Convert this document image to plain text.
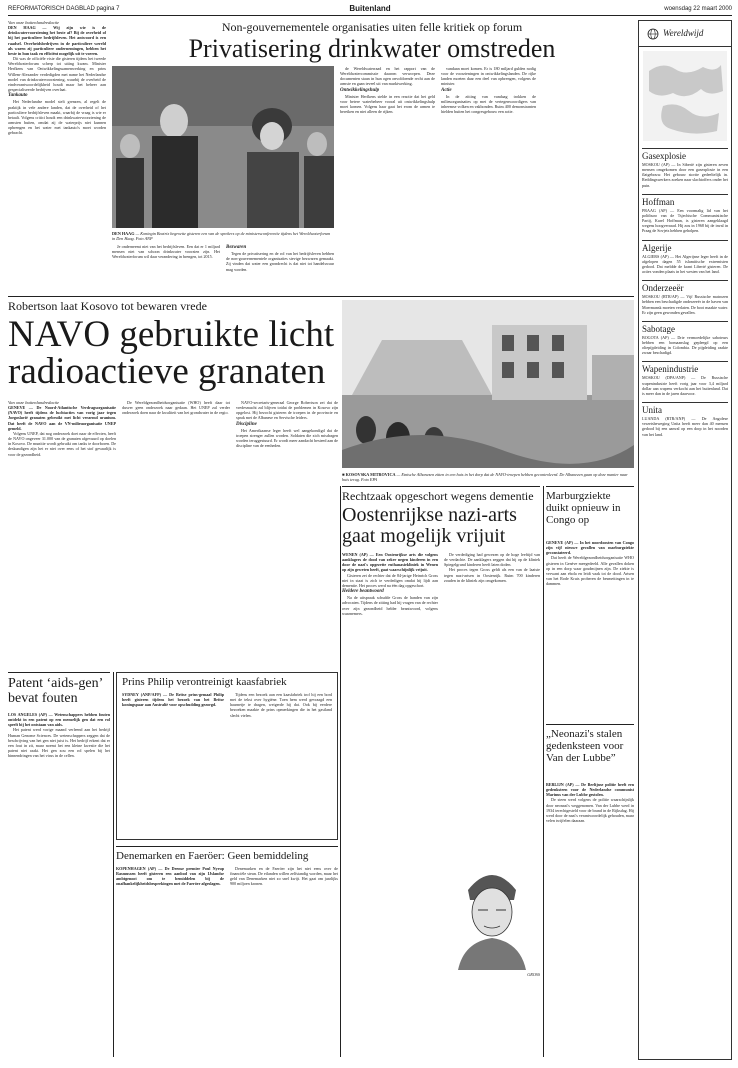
REFORMATORISCH DAGBLAD pagina 7	Buitenland	woensdag 22 maart 2000
Van onze buitenlandredactie

DEN HAAG — Wij zijn wie is de drinkwatervoorziening het beste af? Bij de overheid of bij het particuliere bedrijfsleven. Het antwoord is een raadsel. Overheidsbedrijven in de particuliere wereld als waren zij particuliere ondernemingen, hebben het beste in hun taak en efficiënt mogelijk uit te voeren.

Dit was de officiële visie die gisteren tijdens het tweede Wereldwaterforum scherp tot uiting kwam. Minister Herfkens van Ontwikkelingssamenwerking en prins Willem-Alexander verdedigden met name het Nederlandse model van drinkwatervoorziening, waarbij de overheid de eindverantwoordelijkheid houdt maar het beheer aan gespecialiseerde bedrijven overlaat.

Tankauto

Het Nederlandse model stelt grenzen, al regelt de praktijk in vele andere landen, dat de overheid of het particuliere bedrijfsleven maakt, waarbij de vraag is wie er betaalt. Volgens critici houdt een drinkwatervoorziening de armsten buiten, omdat zij de waterprijs niet kunnen opbrengen en het water met tankauto's moet worden gebracht.

Non-gouvernementele organisaties uiten felle kritiek op forum
Privatisering drinkwater omstreden
DEN HAAG — Koningin Beatrix begroette gisteren een van de sprekers op de ministersconferentie tijdens het Wereldwaterforum in Den Haag. Foto ANP

Je onderneemt niet van het bedrijfsleven. Een dat er 1 miljard mensen niet van schoon drinkwater voorzien zijn. Het Wereldwaterforum wil daar verandering in brengen, tot 2015.

Bezwaren

Tegen de privatisering en de rol van het bedrijfsleven hebben de non-gouvernementele organisaties stevige bezwaren gemaakt. Zij vinden dat water een grondrecht is dat niet tot handelswaar mag worden.

de Wereldwaterraad en het rapport van de Wereldwatercommissie daarom verworpen. Deze documenten staan in hun ogen onvoldoende recht aan de armste en gaan teveel uit van marktwerking.

Ontwikkelingshulp

Minister Herfkens stelde in een reactie dat het geld voor betere waterbeheer vooral uit ontwikkelingshulp moet komen. Volgens haar gaat het erom de armen te bereiken en niet alleen de rijken.

vandaan moet komen. Er is 180 miljard gulden nodig voor de voorzieningen in ontwikkelingslanden. De rijke landen moeten daar een deel van opbrengen, volgens de minister.

Actie

In de zitting van vandaag trokken de milieuorganisaties op met de vertegenwoordigers van inheemse volken en vakbonden. Ruim 400 demonstranten hielden buiten het congresgebouw een actie.

Wereldwijd
Gasexplosie
MOSKOU (AP) — In Siberië zijn gisteren zeven mensen omgekomen door een gasexplosie in een flatgebouw. Het gebouw stortte gedeeltelijk in. Reddingswerkers zoeken naar slachtoffers onder het puin.
Hoffman
PRAAG (AP) — Een voormalig lid van het politburo van de Tsjechische Communistische Partij, Karel Hoffman, is gisteren aangeklaagd wegens hoogverraad. Hij zou in 1968 bij de inval in Praag de Sovjets hebben geholpen.
Algerije
ALGIERS (AP) — Het Algerijnse leger heeft in de afgelopen dagen 55 islamitische extremisten gedood. Dat meldde de krant Liberté gisteren. De acties vonden plaats in het westen van het land.
Onderzeeër
MOSKOU (RTR/AP) — Vijf Russische matrozen hebben een beschadigde onderzeeër in de haven van Moermansk moeten verlaten. De boot maakte water. Er zijn geen gewonden gevallen.
Sabotage
BOGOTA (AP) — Drie vermoedelijke saboteurs hebben een bomaanslag gepleegd op een oliepijpleiding in Colombia. De pijpleiding raakte zwaar beschadigd.
Wapenindustrie
MOSKOU (DPA/ANP) — De Russische wapenindustrie heeft vorig jaar voor 3,4 miljard dollar aan wapens verkocht aan het buitenland. Dat is meer dan in de jaren daarvoor.
Unita
LUANDA (RTR/ANP) — De Angolese verzetsbeweging Unita heeft meer dan 40 mensen gedood bij een aanval op een dorp in het noorden van het land.
Robertson laat Kosovo tot bewaren vrede
NAVO gebruikte licht radioactieve granaten
■ KOSOVSKA MITROVICA — Etnische Albanezen zitten in een huis in het dorp dat de NAVO-troepen hebben gecontroleerd. De Albanezen gaan op deze manier naar huis terug. Foto EPA
Van onze buitenlandredactie

GENEVE — De Noord-Atlantische Verdragsorganisatie (NAVO) heeft tijdens de luchtacties van vorig jaar tegen Joegoslavië granaten gebruikt met licht verarmd uranium. Dat heeft de NAVO aan de VN-milieuorganisatie UNEP gemeld.

Volgens UNEP, dat nog onderzoek doet naar de effecten, heeft de NAVO ongeveer 31.000 van de granaten afgevuurd op doelen in Kosovo. De munitie wordt gebruikt om tanks te doorboren. De deskundigen zijn het er niet over eens of het stof gevaarlijk is voor de gezondheid.

De Wereldgezondheidsorganisatie (WHO) heeft daar tot dusver geen onderzoek naar gedaan. Het UNEP zal verder onderzoek doen naar de kwaliteit van het grondwater in de regio.

NAVO-secretaris-generaal George Robertson zei dat de vredesmacht zal blijven totdat de problemen in Kosovo zijn opgelost. Hij bezocht gisteren de troepen in de provincie en sprak met de Albanese en Servische leiders.

Discipline

Het Amerikaanse leger heeft wel aangekondigd dat de troepen strenger zullen worden. Soldaten die zich misdragen worden teruggestuurd. Er wordt meer aandacht besteed aan de discipline van de eenheden.

Rechtzaak opgeschort wegens dementie
Oostenrijkse nazi-arts gaat mogelijk vrijuit

WENEN (AP) — Een Oostenrijkse arts die volgens aanklagers de dood van zeker negen kinderen in een door de nazi's opgezette euthanasiekliniek in Wenen op zijn geweten heeft, gaat waarschijnlijk vrijuit.

Gisteren zei de rechter dat de 84-jarige Heinrich Gross niet in staat is zich te verdedigen omdat hij lijdt aan dementie. Het proces werd na één dag opgeschort.

Heldere beantwoord

Na de uitspraak schudde Gross de handen van zijn advocaten. Tijdens de zitting had hij vragen van de rechter over zijn gezondheid helder beantwoord, volgens waarnemers.

De verdediging had gewezen op de hoge leeftijd van de verdachte. De aanklagers zeggen dat hij op de kliniek Spiegelgrund kinderen heeft laten doden.

Het proces tegen Gross geldt als een van de laatste tegen nazi-artsen in Oostenrijk. Ruim 700 kinderen zouden in de kliniek zijn omgekomen.

GROSS
Marburgziekte duikt opnieuw in Congo op

GENEVE (AP) — In het noordoosten van Congo zijn vijf nieuwe gevallen van marburgziekte geconstateerd.

Dat heeft de Wereldgezondheidsorganisatie WHO gisteren in Genève meegedeeld. Alle gevallen doken op in een dorp waar goudmijnen zijn. De ziekte is verwant aan ebola en leidt vaak tot de dood. Artsen van het Rode Kruis proberen de besmettingen in te dammen.

„Neonazi's stalen gedenksteen voor Van der Lubbe”

BERLIJN (AP) — De Berlijnse politie heeft een gedenksteen voor de Nederlandse communist Marinus van der Lubbe gestolen.

De steen werd volgens de politie waarschijnlijk door neonazi's weggenomen. Van der Lubbe werd in 1934 terechtgesteld voor de brand in de Rijksdag. Hij werd door de nazi's verantwoordelijk gehouden, maar velen twijfelen daaraan.

Patent ‘aids-gen’ bevat fouten

LOS ANGELES (AP) — Wetenschappers hebben fouten ontdekt in een patent op een menselijk gen dat een rol speelt bij het ontstaan van aids.

Het patent werd vorige maand verleend aan het bedrijf Human Genome Sciences. De wetenschappers zeggen dat de beschrijving van het gen niet juist is. Het bedrijf erkent dat er een fout in zit, maar noemt het een kleine kwestie die het patent niet raakt. Het gen zou een rol spelen bij het binnendringen van het virus in de cellen.

Prins Philip verontreinigt kaasfabriek

SYDNEY (ANP/AFP) — De Britse prins-gemaal Philip heeft gisteren tijdens het bezoek van het Britse koningspaar aan Australië voor opschudding gezorgd.

Tijdens een bezoek aan een kaasfabriek trof hij een bord met de tekst over hygiëne. Toen hem werd gevraagd een haarnetje te dragen, weigerde hij dat. Ook bij eerdere bezoeken maakte de prins opmerkingen die in het gastland slecht vielen.

Denemarken en Faeröer: Geen bemiddeling

KOPENHAGEN (AP) — De Deense premier Poul Nyrup Rasmussen heeft gisteren een aanbod van zijn IJslandse ambtgenoot om te bemiddelen bij de onafhankelijkheidsbesprekingen met de Faeröer afgeslagen.

Denemarken en de Faeröer zijn het niet eens over de financiële steun. De eilanden willen zelfstandig worden, maar het geld van Denemarken niet zo snel kwijt. Het gaat om jaarlijks 900 miljoen kronen.
